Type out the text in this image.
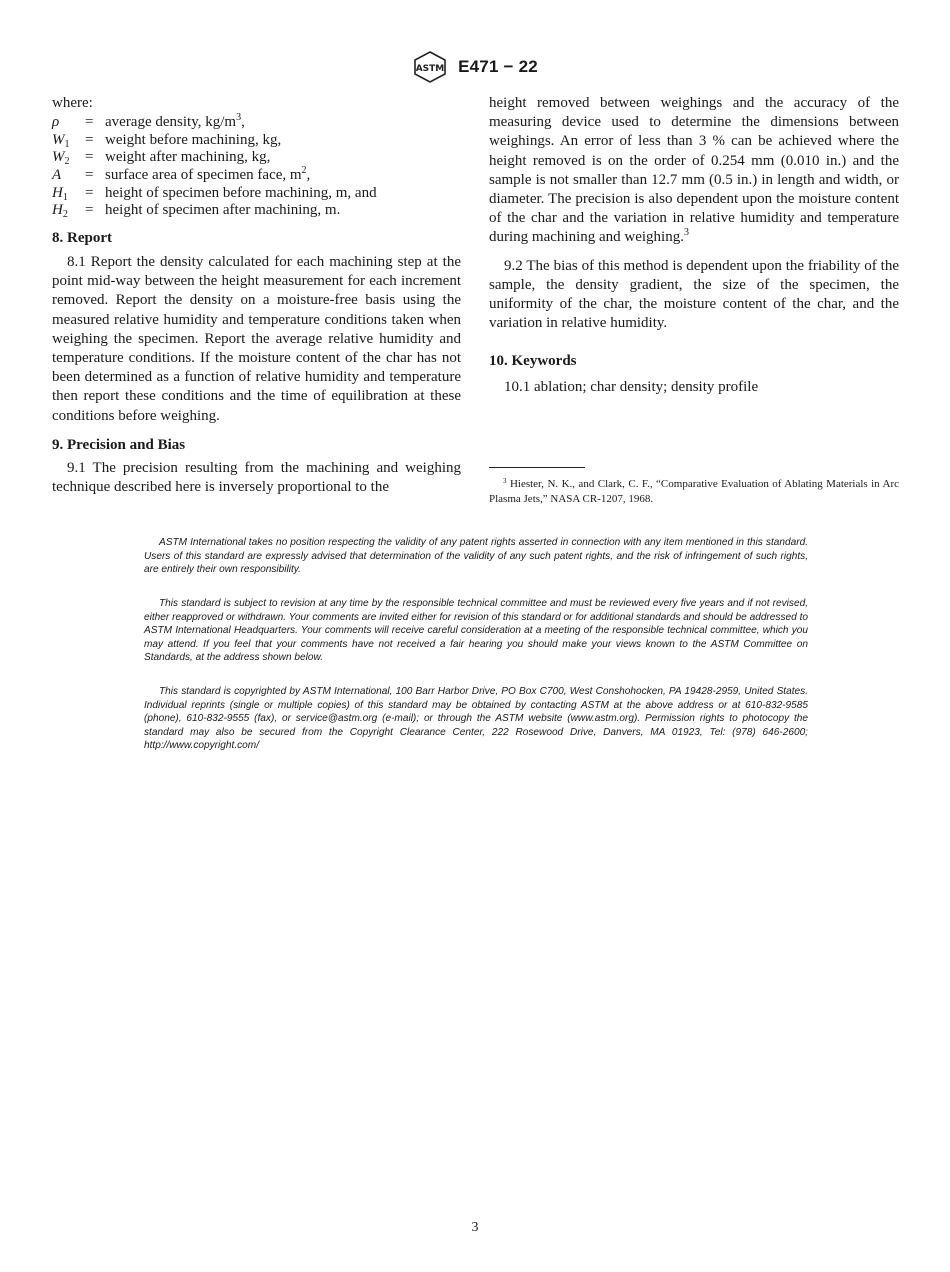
ASTM E471 − 22

where:

ρ	=	average density, $kg/m^3$,
$W_1$	=	weight before machining, kg,
$W_2$	=	weight after machining, kg,
A	=	surface area of specimen face, $m^2$,
$H_1$	=	height of specimen before machining, m, and
$H_2$	=	height of specimen after machining, m.
8. Report

8.1 Report the density calculated for each machining step at the point mid-way between the height measurement for each increment removed. Report the density on a moisture-free basis using the measured relative humidity and temperature conditions taken when weighing the specimen. Report the average relative humidity and temperature conditions. If the moisture content of the char has not been determined as a function of relative humidity and temperature then report these conditions and the time of equilibration at these conditions before weighing.

9. Precision and Bias

9.1 The precision resulting from the machining and weighing technique described here is inversely proportional to the

height removed between weighings and the accuracy of the measuring device used to determine the dimensions between weighings. An error of less than 3 % can be achieved where the height removed is on the order of 0.254 mm (0.010 in.) and the sample is not smaller than 12.7 mm (0.5 in.) in length and width, or diameter. The precision is also dependent upon the moisture content of the char and the variation in relative humidity and temperature during machining and weighing.$^3$

9.2 The bias of this method is dependent upon the friability of the sample, the density gradient, the size of the specimen, the uniformity of the char, the moisture content of the char, and the variation in relative humidity.

10. Keywords

10.1 ablation; char density; density profile

$^3$ Hiester, N. K., and Clark, C. F., “Comparative Evaluation of Ablating Materials in Arc Plasma Jets,” NASA CR-1207, 1968.

ASTM International takes no position respecting the validity of any patent rights asserted in connection with any item mentioned in this standard. Users of this standard are expressly advised that determination of the validity of any such patent rights, and the risk of infringement of such rights, are entirely their own responsibility.

This standard is subject to revision at any time by the responsible technical committee and must be reviewed every five years and if not revised, either reapproved or withdrawn. Your comments are invited either for revision of this standard or for additional standards and should be addressed to ASTM International Headquarters. Your comments will receive careful consideration at a meeting of the responsible technical committee, which you may attend. If you feel that your comments have not received a fair hearing you should make your views known to the ASTM Committee on Standards, at the address shown below.

This standard is copyrighted by ASTM International, 100 Barr Harbor Drive, PO Box C700, West Conshohocken, PA 19428-2959, United States. Individual reprints (single or multiple copies) of this standard may be obtained by contacting ASTM at the above address or at 610-832-9585 (phone), 610-832-9555 (fax), or service@astm.org (e-mail); or through the ASTM website (www.astm.org). Permission rights to photocopy the standard may also be secured from the Copyright Clearance Center, 222 Rosewood Drive, Danvers, MA 01923, Tel: (978) 646-2600; http://www.copyright.com/

3
